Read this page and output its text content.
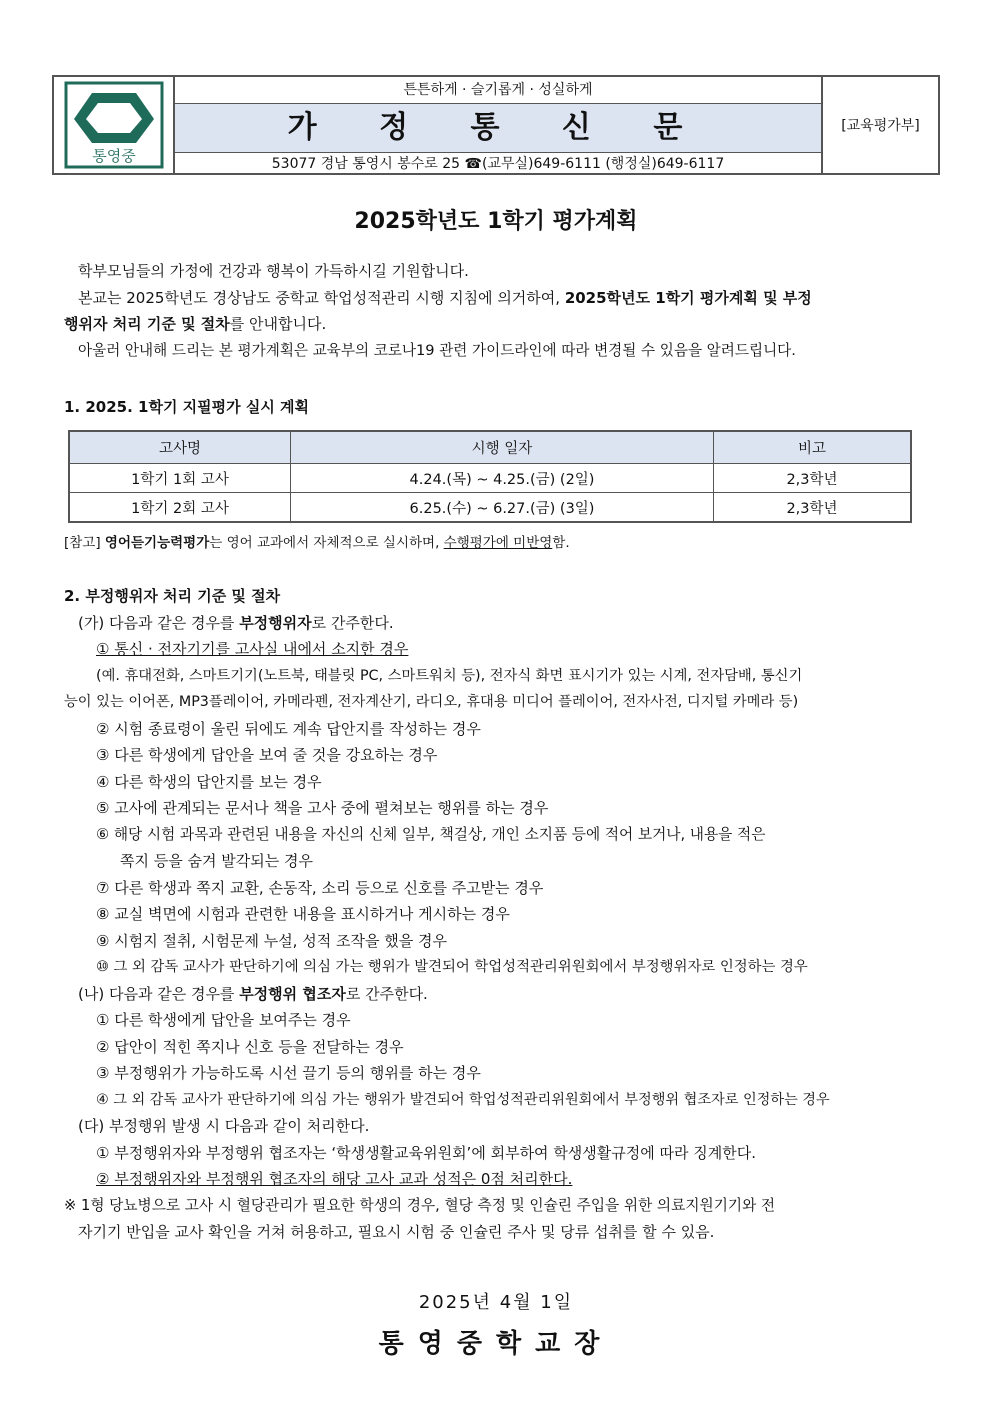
통영중
튼튼하게 · 슬기롭게 · 성실하게
가 정 통 신 문
53077 경남 통영시 봉수로 25 ☎(교무실)649-6111 (행정실)649-6117
[교육평가부]
2025학년도 1학기 평가계획
학부모님들의 가정에 건강과 행복이 가득하시길 기원합니다.
본교는 2025학년도 경상남도 중학교 학업성적관리 시행 지침에 의거하여, 2025학년도 1학기 평가계획 및 부정
행위자 처리 기준 및 절차를 안내합니다.
아울러 안내해 드리는 본 평가계획은 교육부의 코로나19 관련 가이드라인에 따라 변경될 수 있음을 알려드립니다.
1. 2025. 1학기 지필평가 실시 계획
고사명	시행 일자	비고
1학기 1회 고사	4.24.(목) ~ 4.25.(금) (2일)	2,3학년
1학기 2회 고사	6.25.(수) ~ 6.27.(금) (3일)	2,3학년
[참고] 영어듣기능력평가는 영어 교과에서 자체적으로 실시하며, 수행평가에 미반영함.
2. 부정행위자 처리 기준 및 절차
(가) 다음과 같은 경우를 부정행위자로 간주한다.
① 통신 · 전자기기를 고사실 내에서 소지한 경우
(예. 휴대전화, 스마트기기(노트북, 태블릿 PC, 스마트워치 등), 전자식 화면 표시기가 있는 시계, 전자담배, 통신기
능이 있는 이어폰, MP3플레이어, 카메라펜, 전자계산기, 라디오, 휴대용 미디어 플레이어, 전자사전, 디지털 카메라 등)
② 시험 종료령이 울린 뒤에도 계속 답안지를 작성하는 경우
③ 다른 학생에게 답안을 보여 줄 것을 강요하는 경우
④ 다른 학생의 답안지를 보는 경우
⑤ 고사에 관계되는 문서나 책을 고사 중에 펼쳐보는 행위를 하는 경우
⑥ 해당 시험 과목과 관련된 내용을 자신의 신체 일부, 책걸상, 개인 소지품 등에 적어 보거나, 내용을 적은
쪽지 등을 숨겨 발각되는 경우
⑦ 다른 학생과 쪽지 교환, 손동작, 소리 등으로 신호를 주고받는 경우
⑧ 교실 벽면에 시험과 관련한 내용을 표시하거나 게시하는 경우
⑨ 시험지 절취, 시험문제 누설, 성적 조작을 했을 경우
⑩ 그 외 감독 교사가 판단하기에 의심 가는 행위가 발견되어 학업성적관리위원회에서 부정행위자로 인정하는 경우
(나) 다음과 같은 경우를 부정행위 협조자로 간주한다.
① 다른 학생에게 답안을 보여주는 경우
② 답안이 적힌 쪽지나 신호 등을 전달하는 경우
③ 부정행위가 가능하도록 시선 끌기 등의 행위를 하는 경우
④ 그 외 감독 교사가 판단하기에 의심 가는 행위가 발견되어 학업성적관리위원회에서 부정행위 협조자로 인정하는 경우
(다) 부정행위 발생 시 다음과 같이 처리한다.
① 부정행위자와 부정행위 협조자는 ‘학생생활교육위원회’에 회부하여 학생생활규정에 따라 징계한다.
② 부정행위자와 부정행위 협조자의 해당 고사 교과 성적은 0점 처리한다.
※ 1형 당뇨병으로 고사 시 혈당관리가 필요한 학생의 경우, 혈당 측정 및 인슐린 주입을 위한 의료지원기기와 전
자기기 반입을 교사 확인을 거쳐 허용하고, 필요시 시험 중 인슐린 주사 및 당류 섭취를 할 수 있음.
2025년 4월 1일
통영중학교장
